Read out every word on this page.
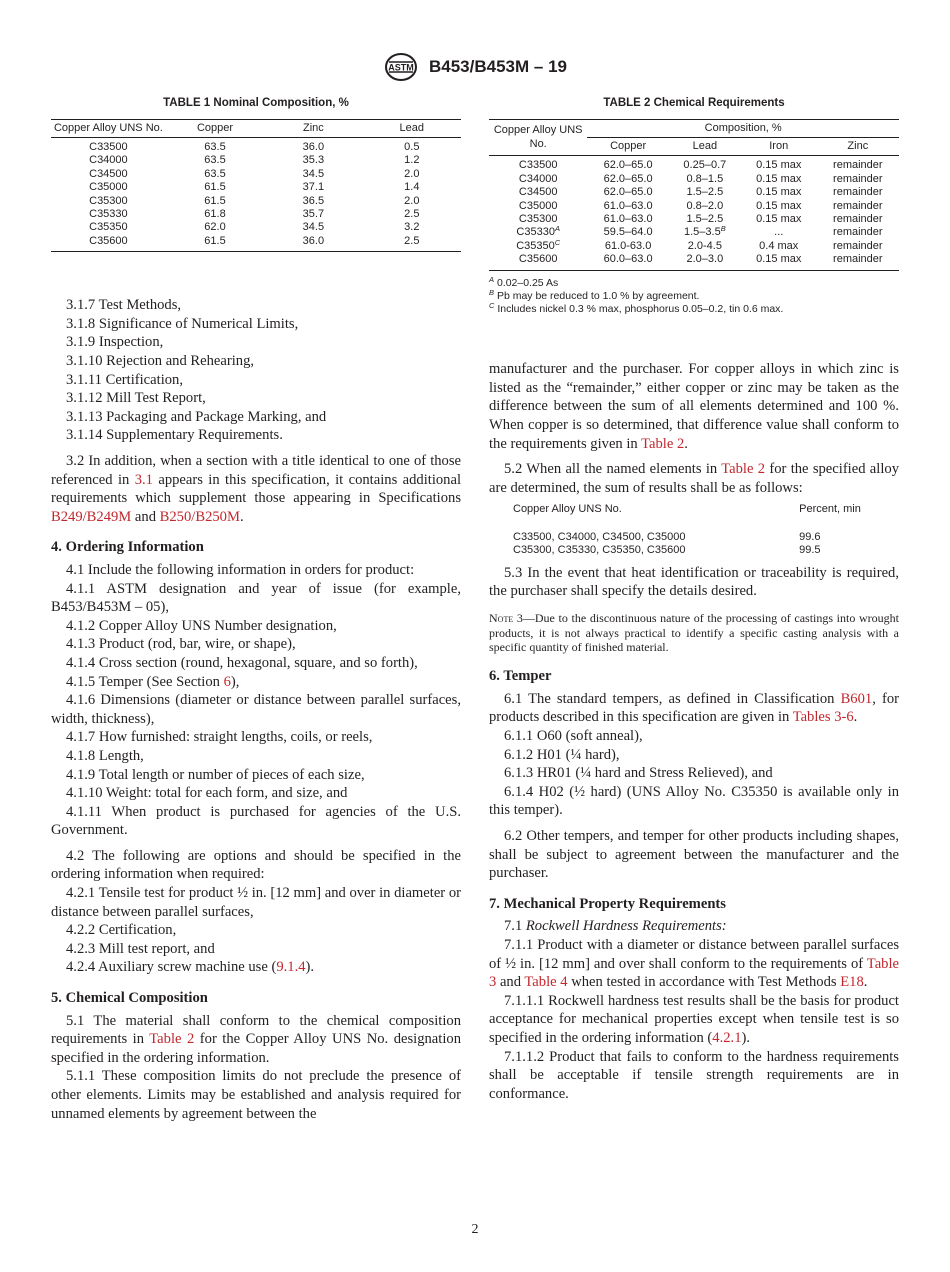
ASTM B453/B453M – 19
TABLE 1 Nominal Composition, %
Copper Alloy UNS No.	Copper	Zinc	Lead
C33500	63.5	36.0	0.5
C34000	63.5	35.3	1.2
C34500	63.5	34.5	2.0
C35000	61.5	37.1	1.4
C35300	61.5	36.5	2.0
C35330	61.8	35.7	2.5
C35350	62.0	34.5	3.2
C35600	61.5	36.0	2.5

3.1.7 Test Methods,

3.1.8 Significance of Numerical Limits,

3.1.9 Inspection,

3.1.10 Rejection and Rehearing,

3.1.11 Certification,

3.1.12 Mill Test Report,

3.1.13 Packaging and Package Marking, and

3.1.14 Supplementary Requirements.

3.2 In addition, when a section with a title identical to one of those referenced in 3.1 appears in this specification, it contains additional requirements which supplement those appearing in Specifications B249/B249M and B250/B250M.

4. Ordering Information

4.1 Include the following information in orders for product:

4.1.1 ASTM designation and year of issue (for example, B453/B453M – 05),

4.1.2 Copper Alloy UNS Number designation,

4.1.3 Product (rod, bar, wire, or shape),

4.1.4 Cross section (round, hexagonal, square, and so forth),

4.1.5 Temper (See Section 6),

4.1.6 Dimensions (diameter or distance between parallel surfaces, width, thickness),

4.1.7 How furnished: straight lengths, coils, or reels,

4.1.8 Length,

4.1.9 Total length or number of pieces of each size,

4.1.10 Weight: total for each form, and size, and

4.1.11 When product is purchased for agencies of the U.S. Government.

4.2 The following are options and should be specified in the ordering information when required:

4.2.1 Tensile test for product ½ in. [12 mm] and over in diameter or distance between parallel surfaces,

4.2.2 Certification,

4.2.3 Mill test report, and

4.2.4 Auxiliary screw machine use (9.1.4).

5. Chemical Composition

5.1 The material shall conform to the chemical composition requirements in Table 2 for the Copper Alloy UNS No. designation specified in the ordering information.

5.1.1 These composition limits do not preclude the presence of other elements. Limits may be established and analysis required for unnamed elements by agreement between the

TABLE 2 Chemical Requirements
Copper Alloy UNS No.	Composition, %			
	Copper	Lead	Iron	Zinc
C33500	62.0–65.0	0.25–0.7	0.15 max	remainder
C34000	62.0–65.0	0.8–1.5	0.15 max	remainder
C34500	62.0–65.0	1.5–2.5	0.15 max	remainder
C35000	61.0–63.0	0.8–2.0	0.15 max	remainder
C35300	61.0–63.0	1.5–2.5	0.15 max	remainder
$C35330^A$	59.5–64.0	$1.5-3.5^B$	...	remainder
$C35350^C$	61.0-63.0	2.0-4.5	0.4 max	remainder
C35600	60.0–63.0	2.0–3.0	0.15 max	remainder
$^A$ 0.02–0.25 As
$^B$ Pb may be reduced to 1.0 % by agreement.
$^C$ Includes nickel 0.3 % max, phosphorus 0.05–0.2, tin 0.6 max.

manufacturer and the purchaser. For copper alloys in which zinc is listed as the “remainder,” either copper or zinc may be taken as the difference between the sum of all elements determined and 100 %. When copper is so determined, that difference value shall conform to the requirements given in Table 2.

5.2 When all the named elements in Table 2 for the specified alloy are determined, the sum of results shall be as follows:

Copper Alloy UNS No.	Percent, min
C33500, C34000, C34500, C35000	99.6
C35300, C35330, C35350, C35600	99.5

5.3 In the event that heat identification or traceability is required, the purchaser shall specify the details desired.

Note 3—Due to the discontinuous nature of the processing of castings into wrought products, it is not always practical to identify a specific casting analysis with a specific quantity of finished material.

6. Temper

6.1 The standard tempers, as defined in Classification B601, for products described in this specification are given in Tables 3-6.

6.1.1 O60 (soft anneal),

6.1.2 H01 (¼ hard),

6.1.3 HR01 (¼ hard and Stress Relieved), and

6.1.4 H02 (½ hard) (UNS Alloy No. C35350 is available only in this temper).

6.2 Other tempers, and temper for other products including shapes, shall be subject to agreement between the manufacturer and the purchaser.

7. Mechanical Property Requirements

7.1 Rockwell Hardness Requirements:

7.1.1 Product with a diameter or distance between parallel surfaces of ½ in. [12 mm] and over shall conform to the requirements of Table 3 and Table 4 when tested in accordance with Test Methods E18.

7.1.1.1 Rockwell hardness test results shall be the basis for product acceptance for mechanical properties except when tensile test is so specified in the ordering information (4.2.1).

7.1.1.2 Product that fails to conform to the hardness requirements shall be acceptable if tensile strength requirements are in conformance.

2
